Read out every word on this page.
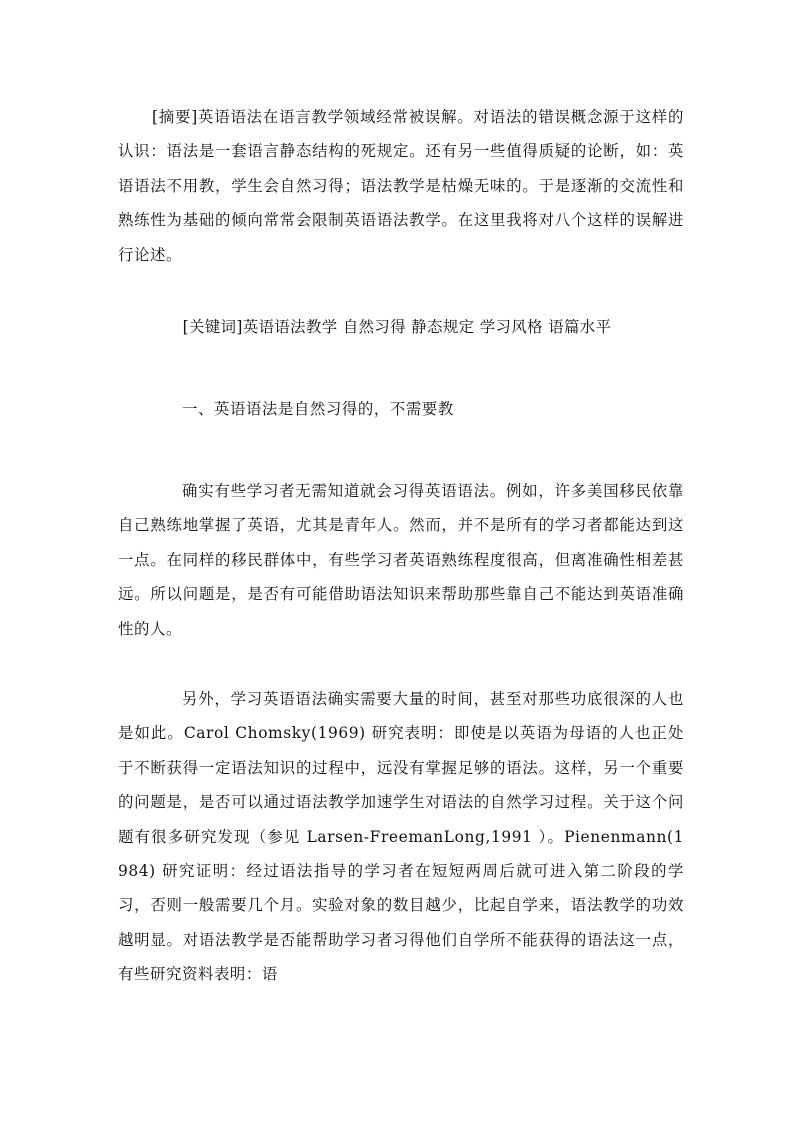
[摘要]英语语法在语言教学领域经常被误解。对语法的错误概念源于这样的认识：语法是一套语言静态结构的死规定。还有另一些值得质疑的论断，如：英语语法不用教，学生会自然习得；语法教学是枯燥无味的。于是逐渐的交流性和熟练性为基础的倾向常常会限制英语语法教学。在这里我将对八个这样的误解进行论述。

[关键词]英语语法教学 自然习得 静态规定 学习风格 语篇水平

一、英语语法是自然习得的，不需要教

确实有些学习者无需知道就会习得英语语法。例如，许多美国移民依靠自己熟练地掌握了英语，尤其是青年人。然而，并不是所有的学习者都能达到这一点。在同样的移民群体中，有些学习者英语熟练程度很高，但离准确性相差甚远。所以问题是，是否有可能借助语法知识来帮助那些靠自己不能达到英语准确性的人。

另外，学习英语语法确实需要大量的时间，甚至对那些功底很深的人也是如此。Carol Chomsky(1969) 研究表明：即使是以英语为母语的人也正处于不断获得一定语法知识的过程中，远没有掌握足够的语法。这样，另一个重要的问题是，是否可以通过语法教学加速学生对语法的自然学习过程。关于这个问题有很多研究发现（参见 Larsen-FreemanLong,1991 ）。Pienenmann(1984) 研究证明：经过语法指导的学习者在短短两周后就可进入第二阶段的学习，否则一般需要几个月。实验对象的数目越少，比起自学来，语法教学的功效越明显。对语法教学是否能帮助学习者习得他们自学所不能获得的语法这一点，有些研究资料表明：语
